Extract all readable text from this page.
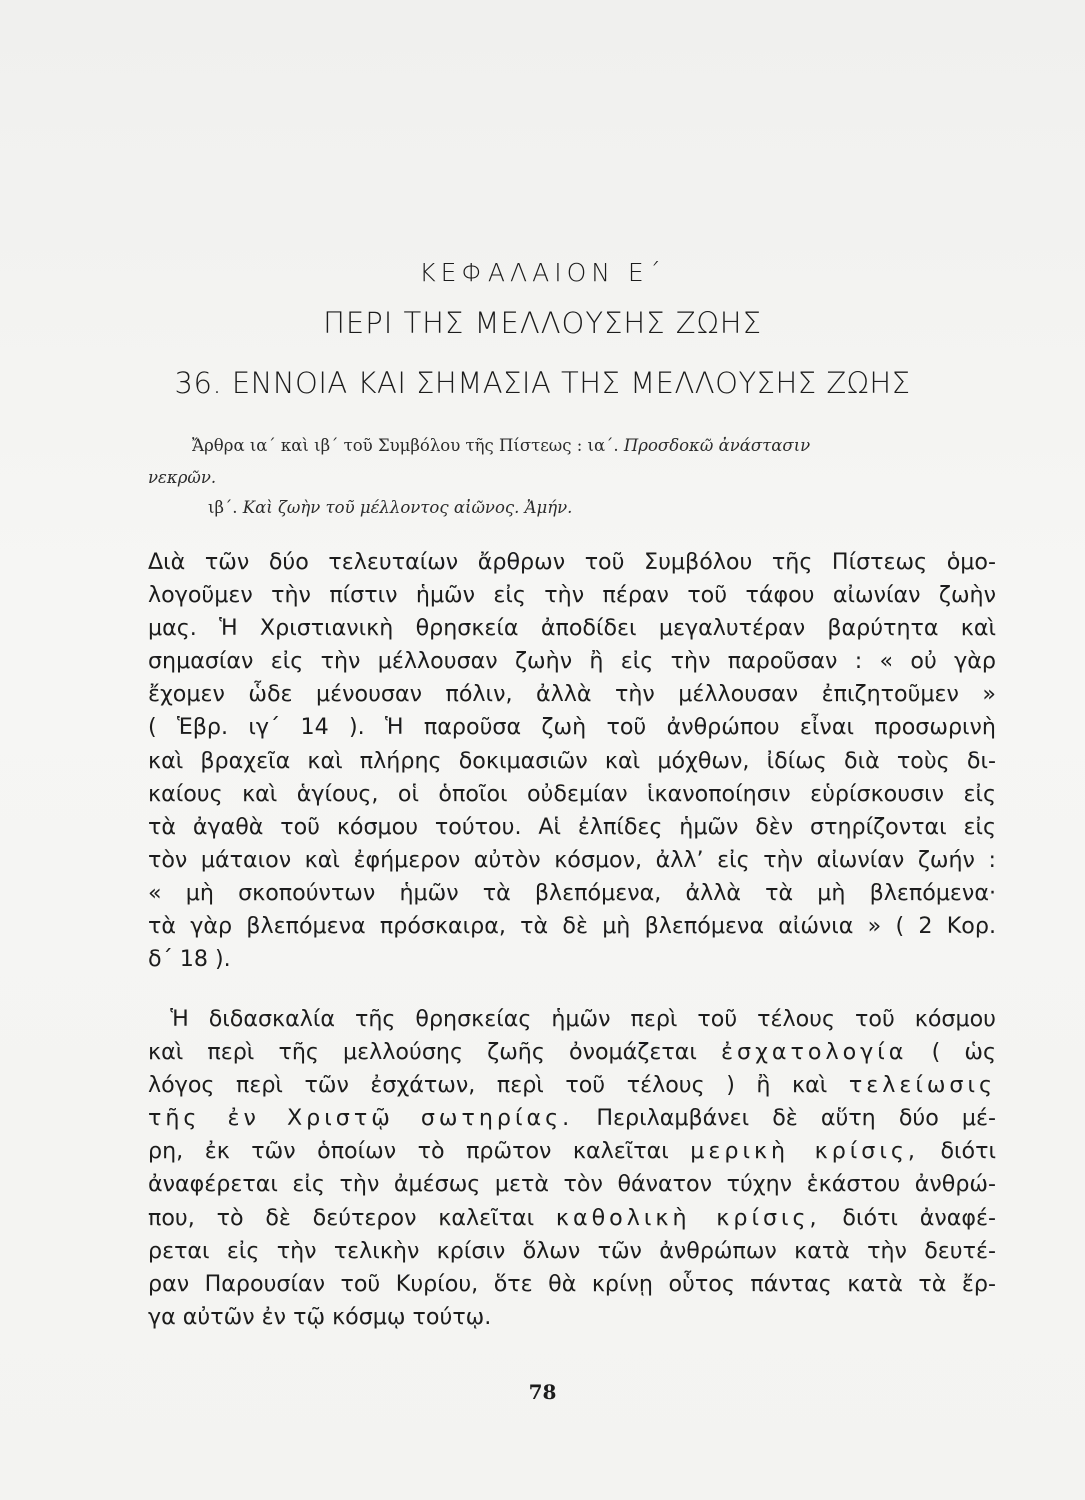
ΚΕΦΑΛΑΙΟΝ Ε΄
ΠΕΡΙ ΤΗΣ ΜΕΛΛΟΥΣΗΣ ΖΩΗΣ
36. ΕΝΝΟΙΑ ΚΑΙ ΣΗΜΑΣΙΑ ΤΗΣ ΜΕΛΛΟΥΣΗΣ ΖΩΗΣ
Ἄρθρα ια΄ καὶ ιβ΄ τοῦ Συμβόλου τῆς Πίστεως : ια΄. Προσδοκῶ ἀνάστασιν
νεκρῶν.
ιβ΄. Καὶ ζωὴν τοῦ μέλλοντος αἰῶνος. Ἀμήν.
Διὰ τῶν δύο τελευταίων ἄρθρων τοῦ Συμβόλου τῆς Πίστεως ὁμο-
λογοῦμεν τὴν πίστιν ἡμῶν εἰς τὴν πέραν τοῦ τάφου αἰωνίαν ζωὴν
μας. Ἡ Χριστιανικὴ θρησκεία ἀποδίδει μεγαλυτέραν βαρύτητα καὶ
σημασίαν εἰς τὴν μέλλουσαν ζωὴν ἢ εἰς τὴν παροῦσαν : « οὐ γὰρ
ἔχομεν ὧδε μένουσαν πόλιν, ἀλλὰ τὴν μέλλουσαν ἐπιζητοῦμεν »
( Ἑβρ. ιγ΄ 14 ). Ἡ παροῦσα ζωὴ τοῦ ἀνθρώπου εἶναι προσωρινὴ
καὶ βραχεῖα καὶ πλήρης δοκιμασιῶν καὶ μόχθων, ἰδίως διὰ τοὺς δι-
καίους καὶ ἁγίους, οἱ ὁποῖοι οὐδεμίαν ἱκανοποίησιν εὑρίσκουσιν εἰς
τὰ ἀγαθὰ τοῦ κόσμου τούτου. Αἱ ἐλπίδες ἡμῶν δὲν στηρίζονται εἰς
τὸν μάταιον καὶ ἐφήμερον αὐτὸν κόσμον, ἀλλ’ εἰς τὴν αἰωνίαν ζωήν :
« μὴ σκοπούντων ἡμῶν τὰ βλεπόμενα, ἀλλὰ τὰ μὴ βλεπόμενα·
τὰ γὰρ βλεπόμενα πρόσκαιρα, τὰ δὲ μὴ βλεπόμενα αἰώνια » ( 2 Κορ.
δ΄ 18 ).
 Ἡ διδασκαλία τῆς θρησκείας ἡμῶν περὶ τοῦ τέλους τοῦ κόσμου
καὶ περὶ τῆς μελλούσης ζωῆς ὀνομάζεται ἐσχατολογία ( ὡς
λόγος περὶ τῶν ἐσχάτων, περὶ τοῦ τέλους ) ἢ καὶ τελείωσις
τῆς ἐν Χριστῷ σωτηρίας. Περιλαμβάνει δὲ αὕτη δύο μέ-
ρη, ἐκ τῶν ὁποίων τὸ πρῶτον καλεῖται μερικὴ κρίσις, διότι
ἀναφέρεται εἰς τὴν ἀμέσως μετὰ τὸν θάνατον τύχην ἑκάστου ἀνθρώ-
που, τὸ δὲ δεύτερον καλεῖται καθολικὴ κρίσις, διότι ἀναφέ-
ρεται εἰς τὴν τελικὴν κρίσιν ὅλων τῶν ἀνθρώπων κατὰ τὴν δευτέ-
ραν Παρουσίαν τοῦ Κυρίου, ὅτε θὰ κρίνῃ οὗτος πάντας κατὰ τὰ ἔρ-
γα αὐτῶν ἐν τῷ κόσμῳ τούτῳ.
78
